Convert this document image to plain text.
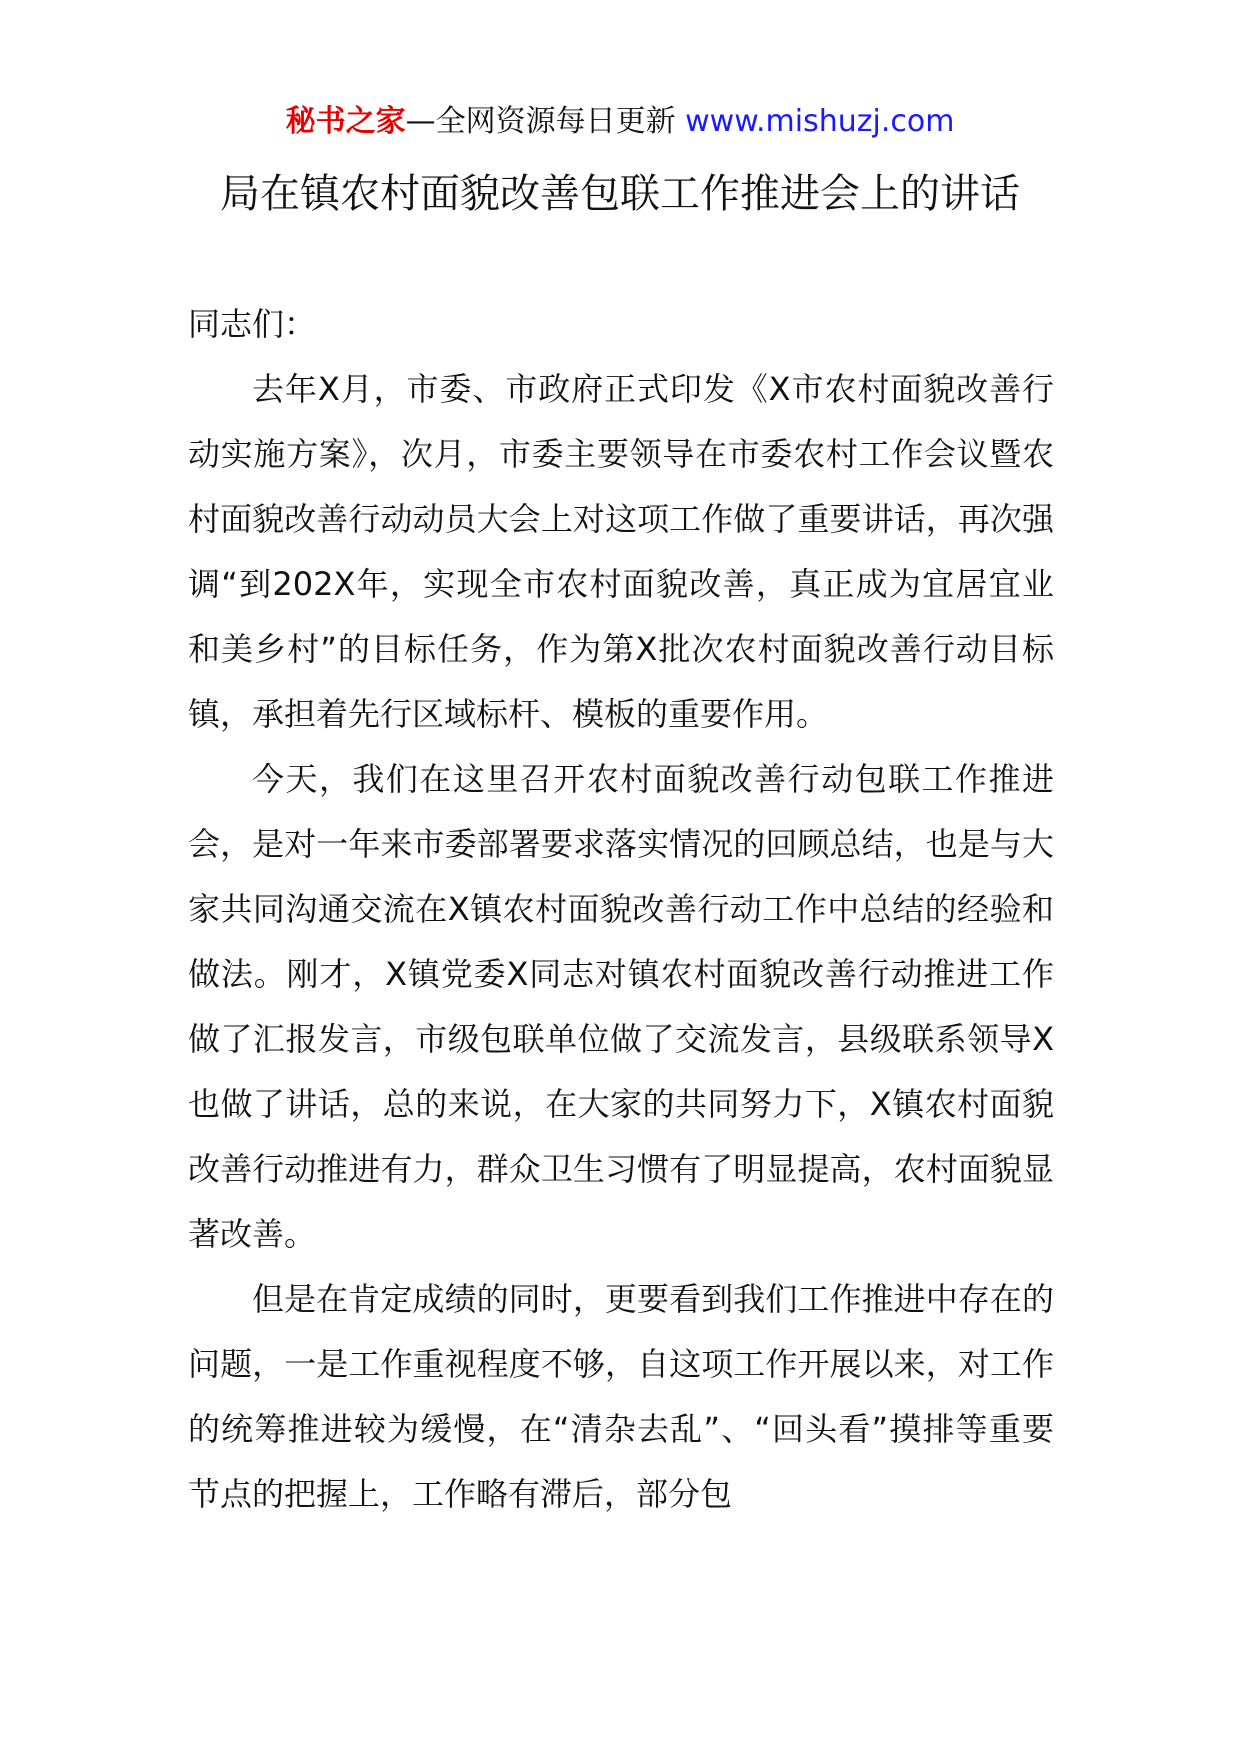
秘书之家—全网资源每日更新 www.mishuzj.com
局在镇农村面貌改善包联工作推进会上的讲话

同志们：

去年X月，市委、市政府正式印发《X市农村面貌改善行动实施方案》，次月，市委主要领导在市委农村工作会议暨农村面貌改善行动动员大会上对这项工作做了重要讲话，再次强调“到202X年，实现全市农村面貌改善，真正成为宜居宜业和美乡村”的目标任务，作为第X批次农村面貌改善行动目标镇，承担着先行区域标杆、模板的重要作用。

今天，我们在这里召开农村面貌改善行动包联工作推进会，是对一年来市委部署要求落实情况的回顾总结，也是与大家共同沟通交流在X镇农村面貌改善行动工作中总结的经验和做法。刚才，X镇党委X同志对镇农村面貌改善行动推进工作做了汇报发言，市级包联单位做了交流发言，县级联系领导X也做了讲话，总的来说，在大家的共同努力下，X镇农村面貌改善行动推进有力，群众卫生习惯有了明显提高，农村面貌显著改善。

但是在肯定成绩的同时，更要看到我们工作推进中存在的问题，一是工作重视程度不够，自这项工作开展以来，对工作的统筹推进较为缓慢，在“清杂去乱”、“回头看”摸排等重要节点的把握上，工作略有滞后，部分包
